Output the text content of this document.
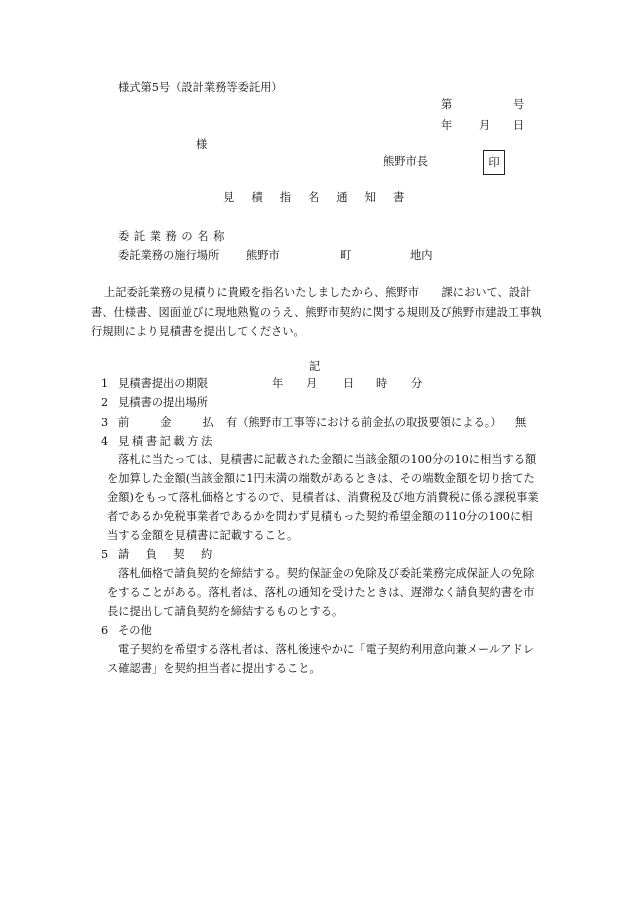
様式第5号（設計業務等委託用）
第	号
年 月 日
様
熊野市長	印
見積指名通知書
委託業務の名称
委託業務の施行場所 熊野市	町	地内
上記委託業務の見積りに貴殿を指名いたしましたから、熊野市　　課において、設計
書、仕様書、図面並びに現地熟覧のうえ、熊野市契約に関する規則及び熊野市建設工事執
行規則により見積書を提出してください。
記
1 見積書提出の期限	年 月 日 時 分
2 見積書の提出場所
3 前金払
有（熊野市工事等における前金払の取扱要領による。） 無
4 見積書記載方法
落札に当たっては、見積書に記載された金額に当該金額の100分の10に相当する額
を加算した金額(当該金額に1円未満の端数があるときは、その端数金額を切り捨てた
金額)をもって落札価格とするので、見積者は、消費税及び地方消費税に係る課税事業
者であるか免税事業者であるかを問わず見積もった契約希望金額の110分の100に相
当する金額を見積書に記載すること。
5 請負契約
落札価格で請負契約を締結する。契約保証金の免除及び委託業務完成保証人の免除
をすることがある。落札者は、落札の通知を受けたときは、遅滞なく請負契約書を市
長に提出して請負契約を締結するものとする。
6 その他
電子契約を希望する落札者は、落札後速やかに「電子契約利用意向兼メールアドレ
ス確認書」を契約担当者に提出すること。
